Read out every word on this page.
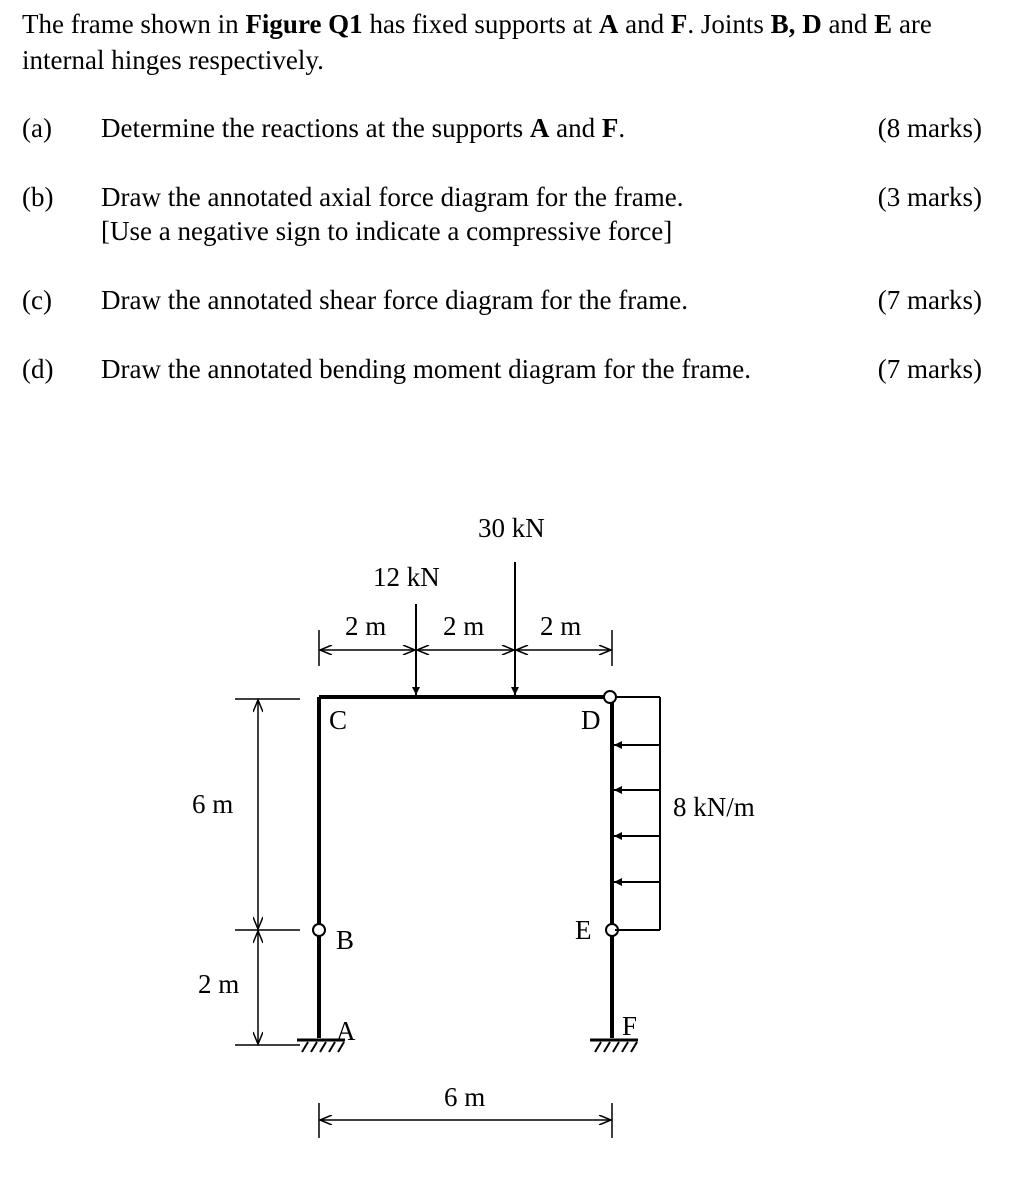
The frame shown in Figure Q1 has fixed supports at A and F. Joints B, D and E are internal hinges respectively.

(a) Determine the reactions at the supports A and F.	(8 marks)
(b) Draw the annotated axial force diagram for the frame.
[Use a negative sign to indicate a compressive force]
(3 marks)
(c) Draw the annotated shear force diagram for the frame.	(7 marks)
(d) Draw the annotated bending moment diagram for the frame.	(7 marks)
30 kN
12 kN
2 m 2 m 2 m
8 kN/m
6 m
2 m
6 m
C	D
B	E
A	F
